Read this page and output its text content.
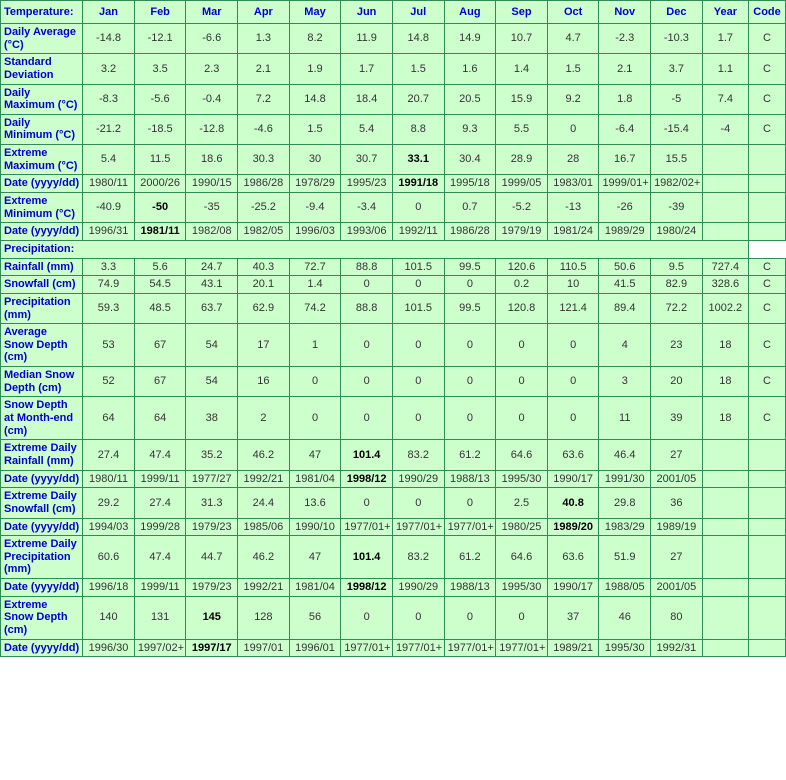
Temperature:	Jan	Feb	Mar	Apr	May	Jun	Jul	Aug	Sep	Oct	Nov	Dec	Year	Code
Daily Average (°C)	-14.8	-12.1	-6.6	1.3	8.2	11.9	14.8	14.9	10.7	4.7	-2.3	-10.3	1.7	C
Standard Deviation	3.2	3.5	2.3	2.1	1.9	1.7	1.5	1.6	1.4	1.5	2.1	3.7	1.1	C
Daily Maximum (°C)	-8.3	-5.6	-0.4	7.2	14.8	18.4	20.7	20.5	15.9	9.2	1.8	-5	7.4	C
Daily Minimum (°C)	-21.2	-18.5	-12.8	-4.6	1.5	5.4	8.8	9.3	5.5	0	-6.4	-15.4	-4	C
Extreme Maximum (°C)	5.4	11.5	18.6	30.3	30	30.7	33.1	30.4	28.9	28	16.7	15.5		
Date (yyyy/dd)	1980/11	2000/26	1990/15	1986/28	1978/29	1995/23	1991/18	1995/18	1999/05	1983/01	1999/01+	1982/02+		
Extreme Minimum (°C)	-40.9	-50	-35	-25.2	-9.4	-3.4	0	0.7	-5.2	-13	-26	-39		
Date (yyyy/dd)	1996/31	1981/11	1982/08	1982/05	1996/03	1993/06	1992/11	1986/28	1979/19	1981/24	1989/29	1980/24		
Precipitation:														
Rainfall (mm)	3.3	5.6	24.7	40.3	72.7	88.8	101.5	99.5	120.6	110.5	50.6	9.5	727.4	C
Snowfall (cm)	74.9	54.5	43.1	20.1	1.4	0	0	0	0.2	10	41.5	82.9	328.6	C
Precipitation (mm)	59.3	48.5	63.7	62.9	74.2	88.8	101.5	99.5	120.8	121.4	89.4	72.2	1002.2	C
Average Snow Depth (cm)	53	67	54	17	1	0	0	0	0	0	4	23	18	C
Median Snow Depth (cm)	52	67	54	16	0	0	0	0	0	0	3	20	18	C
Snow Depth at Month-end (cm)	64	64	38	2	0	0	0	0	0	0	11	39	18	C
Extreme Daily Rainfall (mm)	27.4	47.4	35.2	46.2	47	101.4	83.2	61.2	64.6	63.6	46.4	27		
Date (yyyy/dd)	1980/11	1999/11	1977/27	1992/21	1981/04	1998/12	1990/29	1988/13	1995/30	1990/17	1991/30	2001/05		
Extreme Daily Snowfall (cm)	29.2	27.4	31.3	24.4	13.6	0	0	0	2.5	40.8	29.8	36		
Date (yyyy/dd)	1994/03	1999/28	1979/23	1985/06	1990/10	1977/01+	1977/01+	1977/01+	1980/25	1989/20	1983/29	1989/19		
Extreme Daily Precipitation (mm)	60.6	47.4	44.7	46.2	47	101.4	83.2	61.2	64.6	63.6	51.9	27		
Date (yyyy/dd)	1996/18	1999/11	1979/23	1992/21	1981/04	1998/12	1990/29	1988/13	1995/30	1990/17	1988/05	2001/05		
Extreme Snow Depth (cm)	140	131	145	128	56	0	0	0	0	37	46	80		
Date (yyyy/dd)	1996/30	1997/02+	1997/17	1997/01	1996/01	1977/01+	1977/01+	1977/01+	1977/01+	1989/21	1995/30	1992/31		
